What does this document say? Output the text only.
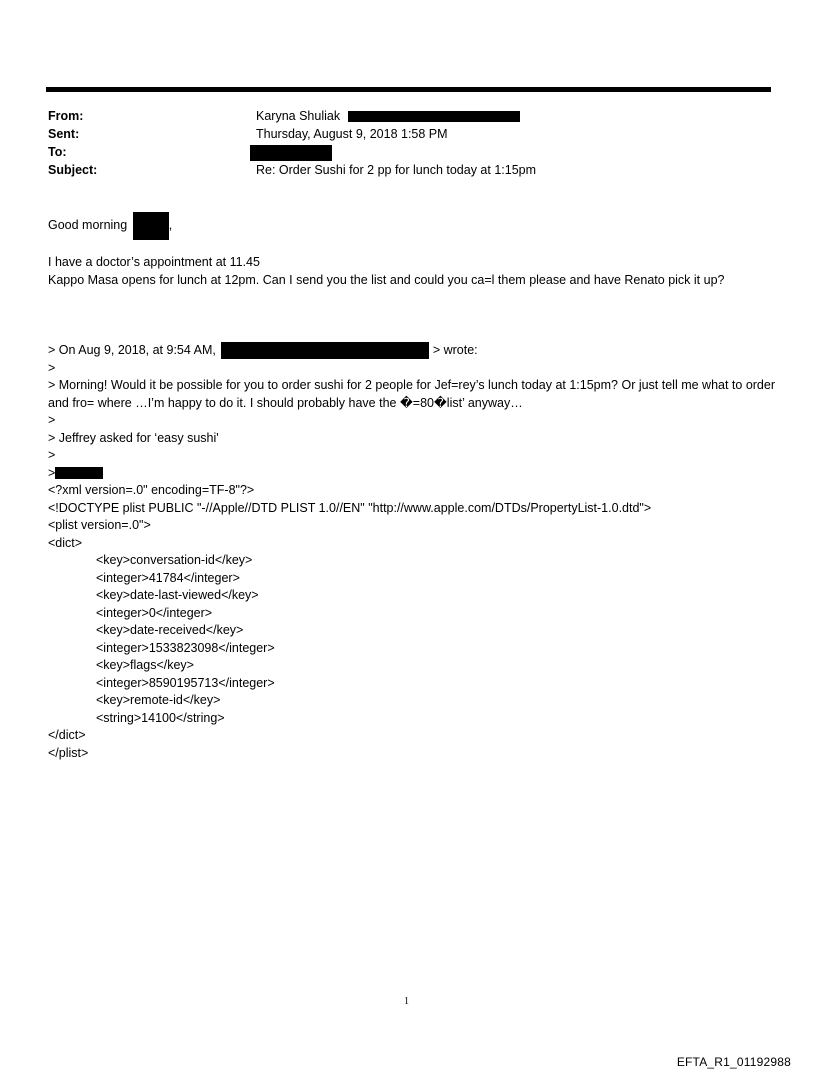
From:
Sent:
To:
Subject:
Karyna Shuliak
Thursday, August 9, 2018 1:58 PM
Re: Order Sushi for 2 pp for lunch today at 1:15pm
Good morning	,
I have a doctor’s appointment at 11.45
Kappo Masa opens for lunch at 12pm. Can I send you the list and could you ca=l them please and have Renato pick it up?
> On Aug 9, 2018, at 9:54 AM,	> wrote:
>
> Morning! Would it be possible for you to order sushi for 2 people for Jef=rey’s lunch today at 1:15pm? Or just tell me what to order and fro= where …I’m happy to do it. I should probably have the �=80�list’ anyway…
>
> Jeffrey asked for ‘easy sushi'
>
>
<?xml version=.0" encoding=TF-8"?>
<!DOCTYPE plist PUBLIC "-//Apple//DTD PLIST 1.0//EN" "http://www.apple.com/DTDs/PropertyList-1.0.dtd">
<plist version=.0">
<dict>
<key>conversation-id</key>
<integer>41784</integer>
<key>date-last-viewed</key>
<integer>0</integer>
<key>date-received</key>
<integer>1533823098</integer>
<key>flags</key>
<integer>8590195713</integer>
<key>remote-id</key>
<string>14100</string>
</dict>
</plist>
1
EFTA_R1_01192988
